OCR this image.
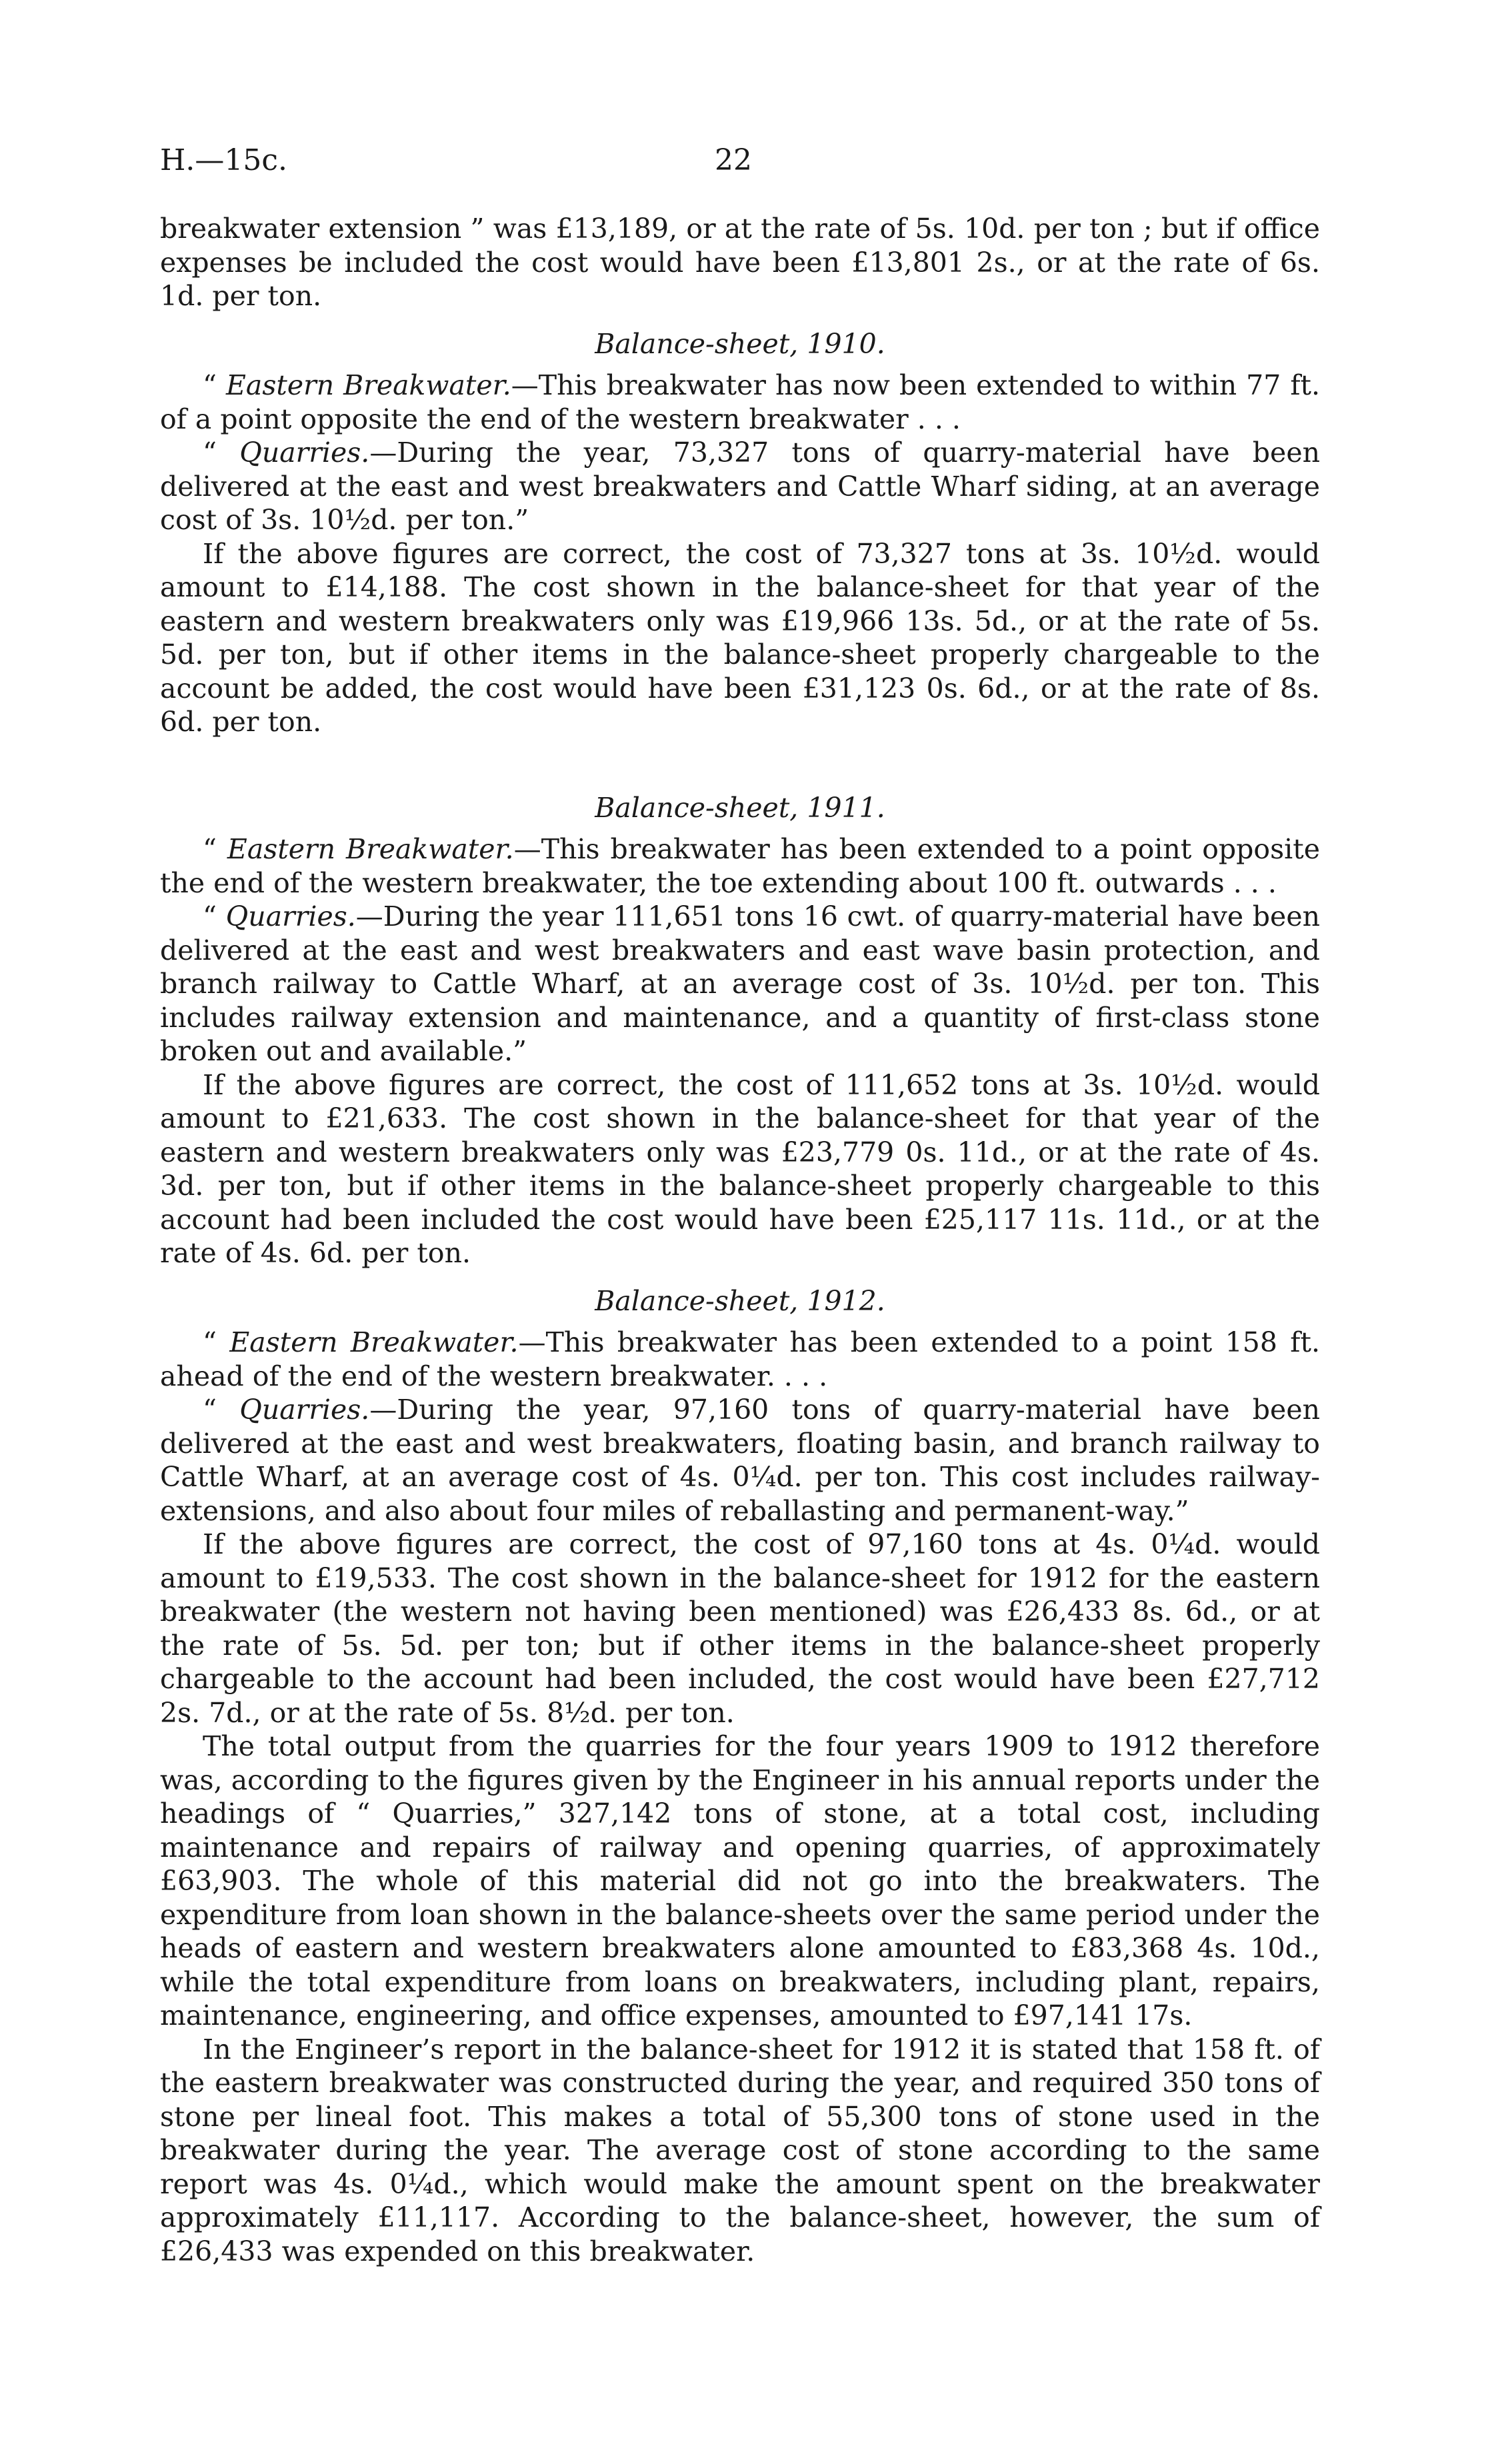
H.—15c.	22

breakwater extension ” was £13,189, or at the rate of 5s. 10d. per ton ; but if office expenses be included the cost would have been £13,801 2s., or at the rate of 6s. 1d. per ton.

Balance-sheet, 1910.

“ Eastern Breakwater.—This breakwater has now been extended to within 77 ft. of a point opposite the end of the western breakwater . . .

“ Quarries.—During the year, 73,327 tons of quarry-material have been delivered at the east and west breakwaters and Cattle Wharf siding, at an average cost of 3s. 10½d. per ton.”

If the above figures are correct, the cost of 73,327 tons at 3s. 10½d. would amount to £14,188. The cost shown in the balance-sheet for that year of the eastern and western breakwaters only was £19,966 13s. 5d., or at the rate of 5s. 5d. per ton, but if other items in the balance-sheet properly chargeable to the account be added, the cost would have been £31,123 0s. 6d., or at the rate of 8s. 6d. per ton.

Balance-sheet, 1911.

“ Eastern Breakwater.—This breakwater has been extended to a point opposite the end of the western breakwater, the toe extending about 100 ft. outwards . . .

“ Quarries.—During the year 111,651 tons 16 cwt. of quarry-material have been delivered at the east and west breakwaters and east wave basin protection, and branch railway to Cattle Wharf, at an average cost of 3s. 10½d. per ton. This includes railway extension and maintenance, and a quantity of first-class stone broken out and available.”

If the above figures are correct, the cost of 111,652 tons at 3s. 10½d. would amount to £21,633. The cost shown in the balance-sheet for that year of the eastern and western breakwaters only was £23,779 0s. 11d., or at the rate of 4s. 3d. per ton, but if other items in the balance-sheet properly chargeable to this account had been included the cost would have been £25,117 11s. 11d., or at the rate of 4s. 6d. per ton.

Balance-sheet, 1912.

“ Eastern Breakwater.—This breakwater has been extended to a point 158 ft. ahead of the end of the western breakwater. . . .

“ Quarries.—During the year, 97,160 tons of quarry-material have been delivered at the east and west breakwaters, floating basin, and branch railway to Cattle Wharf, at an average cost of 4s. 0¼d. per ton. This cost includes railway-extensions, and also about four miles of reballasting and permanent-way.”

If the above figures are correct, the cost of 97,160 tons at 4s. 0¼d. would amount to £19,533. The cost shown in the balance-sheet for 1912 for the eastern breakwater (the western not having been mentioned) was £26,433 8s. 6d., or at the rate of 5s. 5d. per ton; but if other items in the balance-sheet properly chargeable to the account had been included, the cost would have been £27,712 2s. 7d., or at the rate of 5s. 8½d. per ton.

The total output from the quarries for the four years 1909 to 1912 therefore was, according to the figures given by the Engineer in his annual reports under the headings of “ Quarries,” 327,142 tons of stone, at a total cost, including maintenance and repairs of railway and opening quarries, of approximately £63,903. The whole of this material did not go into the breakwaters. The expenditure from loan shown in the balance-sheets over the same period under the heads of eastern and western breakwaters alone amounted to £83,368 4s. 10d., while the total expenditure from loans on breakwaters, including plant, repairs, maintenance, engineering, and office expenses, amounted to £97,141 17s.

In the Engineer’s report in the balance-sheet for 1912 it is stated that 158 ft. of the eastern breakwater was constructed during the year, and required 350 tons of stone per lineal foot. This makes a total of 55,300 tons of stone used in the breakwater during the year. The average cost of stone according to the same report was 4s. 0¼d., which would make the amount spent on the breakwater approximately £11,117. According to the balance-sheet, however, the sum of £26,433 was expended on this breakwater.
